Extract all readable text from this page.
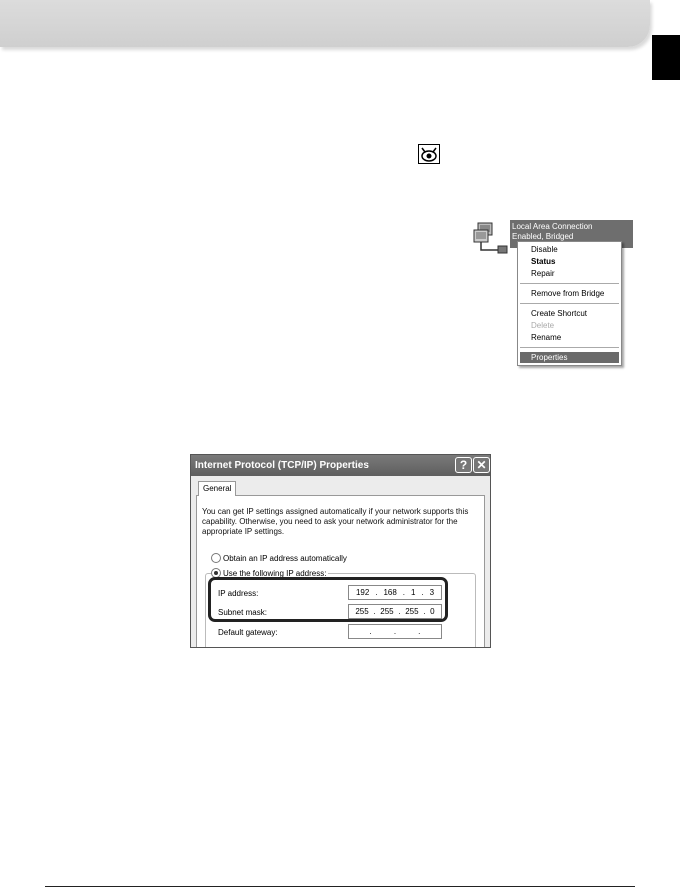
Local Area Connection
Enabled, Bridged
Disable
Status
Repair
Remove from Bridge
Create Shortcut
Delete
Rename
Properties
Internet Protocol (TCP/IP) Properties	? ✕
General
You can get IP settings assigned automatically if your network supports this capability. Otherwise, you need to ask your network administrator for the appropriate IP settings.
Obtain an IP address automatically
Use the following IP address:
IP address:	192 . 168 . 1 . 3
Subnet mask:	255 . 255 . 255 . 0
Default gateway:	.	.	.
